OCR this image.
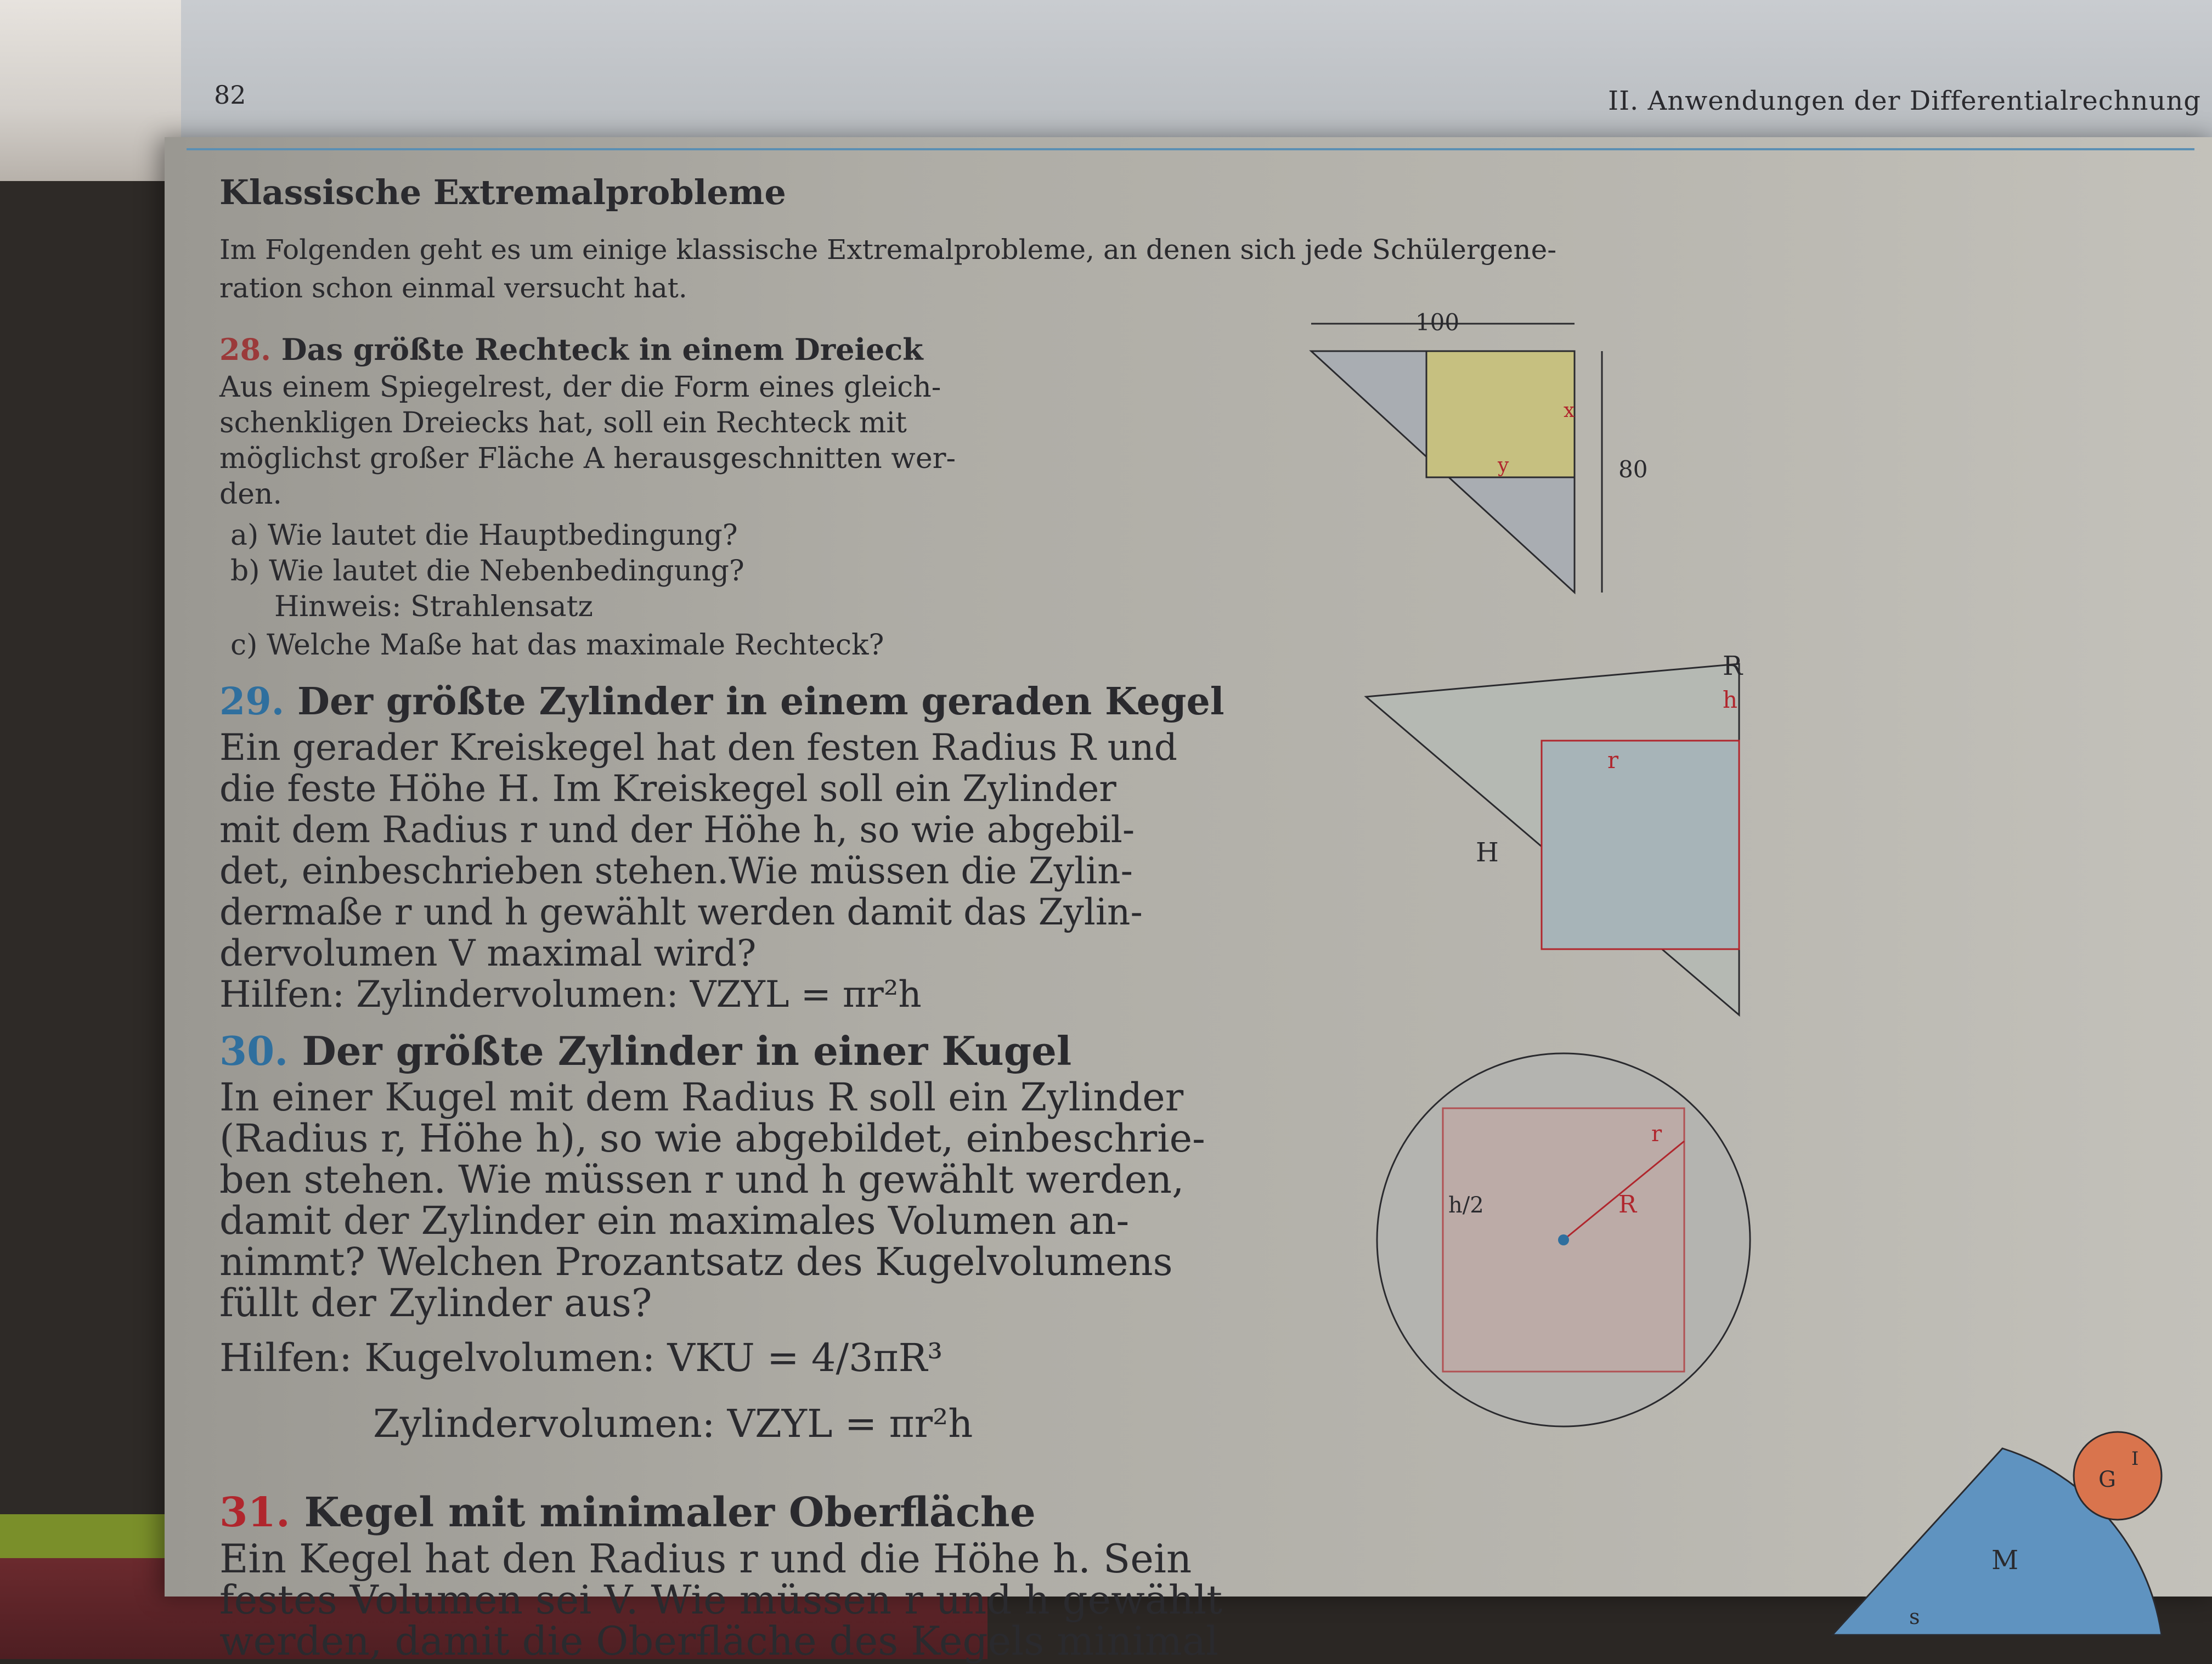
82	II. Anwendungen der Differentialrechnung
Klassische Extremalprobleme
Im Folgenden geht es um einige klassische Extremalprobleme, an denen sich jede Schülergene-
ration schon einmal versucht hat.
28. Das größte Rechteck in einem Dreieck
Aus einem Spiegelrest, der die Form eines gleich-
schenkligen Dreiecks hat, soll ein Rechteck mit
möglichst großer Fläche A herausgeschnitten wer-
den.
a) Wie lautet die Hauptbedingung?
b) Wie lautet die Nebenbedingung?
Hinweis: Strahlensatz
c) Welche Maße hat das maximale Rechteck?
100
80
x
y
29. Der größte Zylinder in einem geraden Kegel
Ein gerader Kreiskegel hat den festen Radius R und
die feste Höhe H. Im Kreiskegel soll ein Zylinder
mit dem Radius r und der Höhe h, so wie abgebil-
det, einbeschrieben stehen.Wie müssen die Zylin-
dermaße r und h gewählt werden damit das Zylin-
dervolumen V maximal wird?
Hilfen: Zylindervolumen: VZYL = πr²h
H
r
h
R
30. Der größte Zylinder in einer Kugel
In einer Kugel mit dem Radius R soll ein Zylinder
(Radius r, Höhe h), so wie abgebildet, einbeschrie-
ben stehen. Wie müssen r und h gewählt werden,
damit der Zylinder ein maximales Volumen an-
nimmt? Welchen Prozantsatz des Kugelvolumens
füllt der Zylinder aus?
Hilfen: Kugelvolumen: VKU = 4/3πR³
Zylindervolumen: VZYL = πr²h
r
R
h/2
31. Kegel mit minimaler Oberfläche
Ein Kegel hat den Radius r und die Höhe h. Sein
festes Volumen sei V. Wie müssen r und h gewählt
werden, damit die Oberfläche des Kegels minimal
M
s
G
I
